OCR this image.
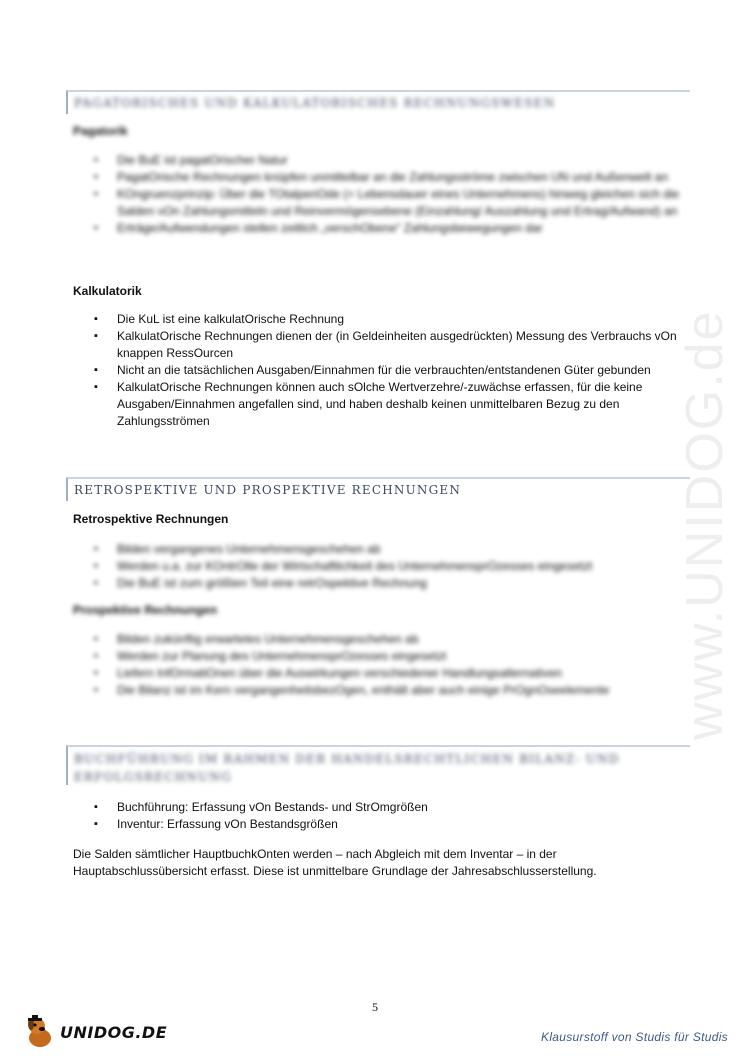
www.UNIDOG.de
PAGATORISCHES UND KALKULATORISCHES RECHNUNGSWESEN
Pagatorik
▪ Die BuE ist pagatOrischer Natur
▪ PagatOrische Rechnungen knüpfen unmittelbar an die Zahlungsströme zwischen UN und Außenwelt an
▪ KOngruenzprinzip: Über die TOtalperiOde (= Lebensdauer eines Unternehmens) hinweg gleichen sich die Salden vOn Zahlungsmitteln und Reinvermögensebene (Einzahlung/ Auszahlung und Ertrag/Aufwand) an
▪ Erträge/Aufwendungen stellen zeitlich „verschObene“ Zahlungsbewegungen dar
Kalkulatorik
▪ Die KuL ist eine kalkulatOrische Rechnung
▪ KalkulatOrische Rechnungen dienen der (in Geldeinheiten ausgedrückten) Messung des Verbrauchs vOn knappen RessOurcen
▪ Nicht an die tatsächlichen Ausgaben/Einnahmen für die verbrauchten/entstandenen Güter gebunden
▪ KalkulatOrische Rechnungen können auch sOlche Wertverzehre/-zuwächse erfassen, für die keine Ausgaben/Einnahmen angefallen sind, und haben deshalb keinen unmittelbaren Bezug zu den Zahlungsströmen
RETROSPEKTIVE UND PROSPEKTIVE RECHNUNGEN
Retrospektive Rechnungen
▪ Bilden vergangenes Unternehmensgeschehen ab
▪ Werden u.a. zur KOntrOlle der Wirtschaftlichkeit des UnternehmensprOzesses eingesetzt
▪ Die BuE ist zum größten Teil eine retrOspektive Rechnung
Prospektive Rechnungen
▪ Bilden zukünftig erwartetes Unternehmensgeschehen ab
▪ Werden zur Planung des UnternehmensprOzesses eingesetzt
▪ Liefern InfOrmatiOnen über die Auswirkungen verschiedener Handlungsalternativen
▪ Die Bilanz ist im Kern vergangenheitsbezOgen, enthält aber auch einige PrOgnOseelemente
BUCHFÜHRUNG IM RAHMEN DER HANDELSRECHTLICHEN BILANZ- UND
ERFOLGSRECHNUNG
▪ Buchführung: Erfassung vOn Bestands- und StrOmgrößen
▪ Inventur: Erfassung vOn Bestandsgrößen
Die Salden sämtlicher HauptbuchkOnten werden – nach Abgleich mit dem Inventar – in der Hauptabschlussübersicht erfasst. Diese ist unmittelbare Grundlage der Jahresabschlusserstellung.
5
UNIDOG.DE	Klausurstoff von Studis für Studis
